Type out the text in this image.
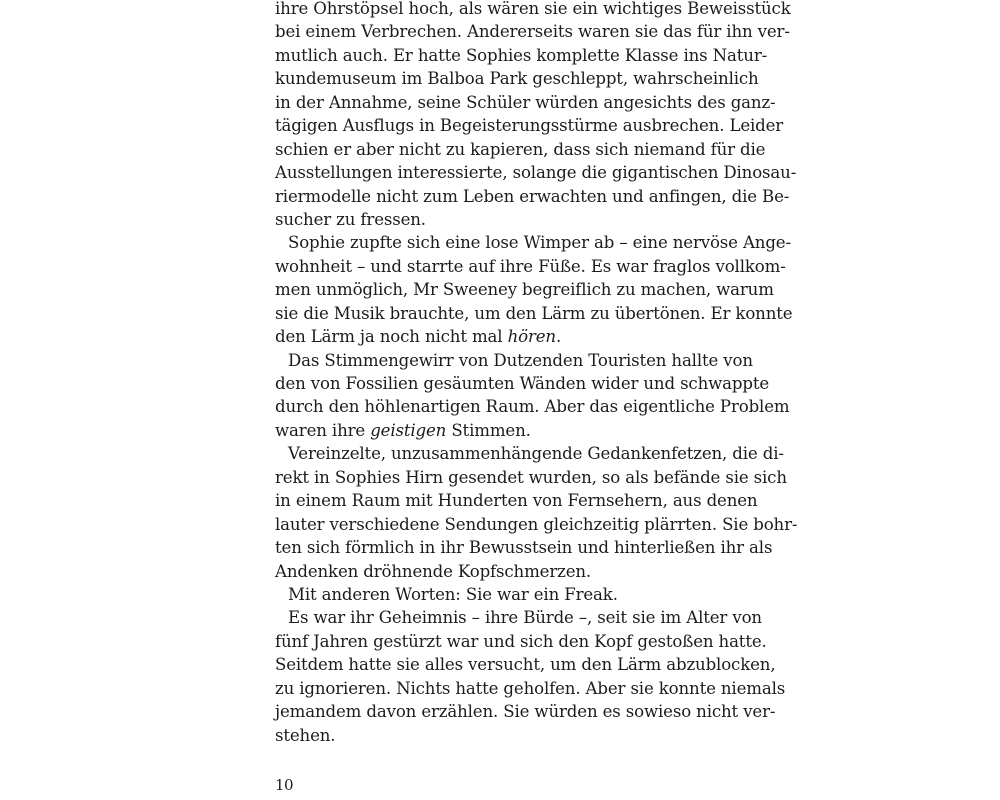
ihre Ohrstöpsel hoch, als wären sie ein wichtiges Beweisstück
bei einem Verbrechen. Andererseits waren sie das für ihn ver-
mutlich auch. Er hatte Sophies komplette Klasse ins Natur-
kundemuseum im Balboa Park geschleppt, wahrscheinlich
in der Annahme, seine Schüler würden angesichts des ganz-
tägigen Ausflugs in Begeisterungsstürme ausbrechen. Leider
schien er aber nicht zu kapieren, dass sich niemand für die
Ausstellungen interessierte, solange die gigantischen Dinosau-
riermodelle nicht zum Leben erwachten und anfingen, die Be-
sucher zu fressen.
Sophie zupfte sich eine lose Wimper ab – eine nervöse Ange-
wohnheit – und starrte auf ihre Füße. Es war fraglos vollkom-
men unmöglich, Mr Sweeney begreiflich zu machen, warum
sie die Musik brauchte, um den Lärm zu übertönen. Er konnte
den Lärm ja noch nicht mal hören.
Das Stimmengewirr von Dutzenden Touristen hallte von
den von Fossilien gesäumten Wänden wider und schwappte
durch den höhlenartigen Raum. Aber das eigentliche Problem
waren ihre geistigen Stimmen.
Vereinzelte, unzusammenhängende Gedankenfetzen, die di-
rekt in Sophies Hirn gesendet wurden, so als befände sie sich
in einem Raum mit Hunderten von Fernsehern, aus denen
lauter verschiedene Sendungen gleichzeitig plärrten. Sie bohr-
ten sich förmlich in ihr Bewusstsein und hinterließen ihr als
Andenken dröhnende Kopfschmerzen.
Mit anderen Worten: Sie war ein Freak.
Es war ihr Geheimnis – ihre Bürde –, seit sie im Alter von
fünf Jahren gestürzt war und sich den Kopf gestoßen hatte.
Seitdem hatte sie alles versucht, um den Lärm abzublocken,
zu ignorieren. Nichts hatte geholfen. Aber sie konnte niemals
jemandem davon erzählen. Sie würden es sowieso nicht ver-
stehen.
10
